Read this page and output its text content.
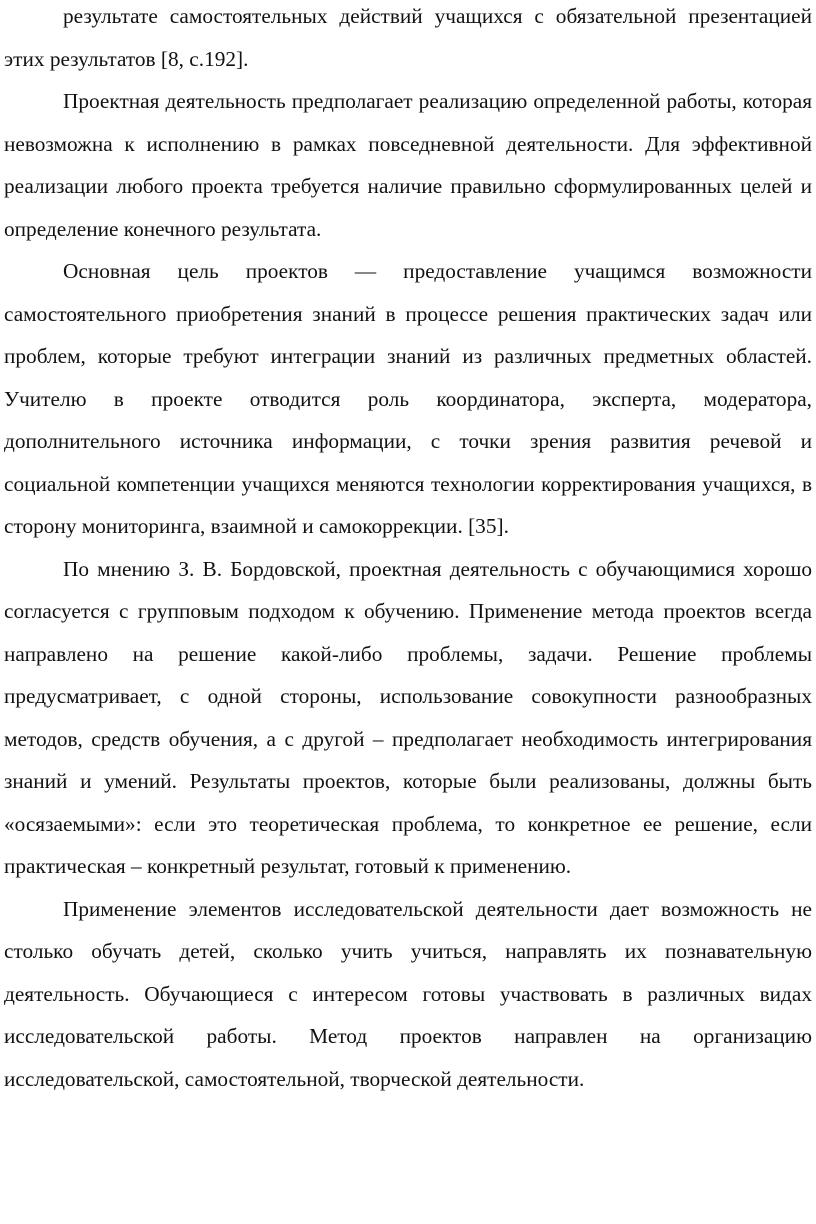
результате самостоятельных действий учащихся с обязательной презентацией этих результатов [8, с.192].

Проектная деятельность предполагает реализацию определенной работы, которая невозможна к исполнению в рамках повседневной деятельности. Для эффективной реализации любого проекта требуется наличие правильно сформулированных целей и определение конечного результата.

Основная цель проектов — предоставление учащимся возможности самостоятельного приобретения знаний в процессе решения практических задач или проблем, которые требуют интеграции знаний из различных предметных областей. Учителю в проекте отводится роль координатора, эксперта, модератора, дополнительного источника информации, с точки зрения развития речевой и социальной компетенции учащихся меняются технологии корректирования учащихся, в сторону мониторинга, взаимной и самокоррекции. [35].

По мнению З. В. Бордовской, проектная деятельность с обучающимися хорошо согласуется с групповым подходом к обучению. Применение метода проектов всегда направлено на решение какой-либо проблемы, задачи. Решение проблемы предусматривает, с одной стороны, использование совокупности разнообразных методов, средств обучения, а с другой – предполагает необходимость интегрирования знаний и умений. Результаты проектов, которые были реализованы, должны быть «осязаемыми»: если это теоретическая проблема, то конкретное ее решение, если практическая – конкретный результат, готовый к применению.

Применение элементов исследовательской деятельности дает возможность не столько обучать детей, сколько учить учиться, направлять их познавательную деятельность. Обучающиеся с интересом готовы участвовать в различных видах исследовательской работы. Метод проектов направлен на организацию исследовательской, самостоятельной, творческой деятельности.
